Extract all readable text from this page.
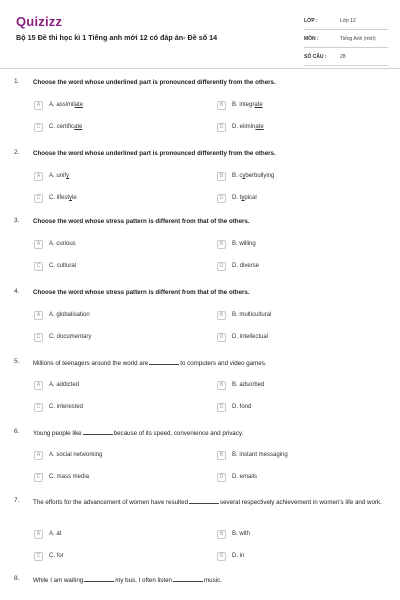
Quizizz
Bộ 15 Đề thi học kì 1 Tiếng anh mới 12 có đáp án- Đề số 14
LỚP :	Lớp 12
MÔN :	Tiếng Anh (mới)
SỐ CÂU :	28
1. Choose the word whose underlined part is pronounced differently from the others.
A	A. assimilate	B	B. integrate
C	C. certificate	D	D. eliminate
2. Choose the word whose underlined part is pronounced differently from the others.
A	A. unify	B	B. cyberbullying
C	C. lifestyle	D	D. typical
3. Choose the word whose stress pattern is different from that of the others.
A	A. curious	B	B. willing
C	C. cultural	D	D. diverse
4. Choose the word whose stress pattern is different from that of the others.
A	A. globalisation	B	B. multicultural
C	C. documentary	D	D. intellectual
5. Millions of teenagers around the world are	to computers and video games.
A	A. addicted	B	B. adsorbed
C	C. interested	D	D. fond
6. Young people like	because of its speed, convenience and privacy.
A	A. social networking	B	B. instant messaging
C	C. mass media	D	D. emails
7. The efforts for the advancement of women have resulted	several respectively achievement in women's life and work.
A	A. at	B	B. with
C	C. for	D	D. in
8. While I am waiting	my bus, I often listen	music.
